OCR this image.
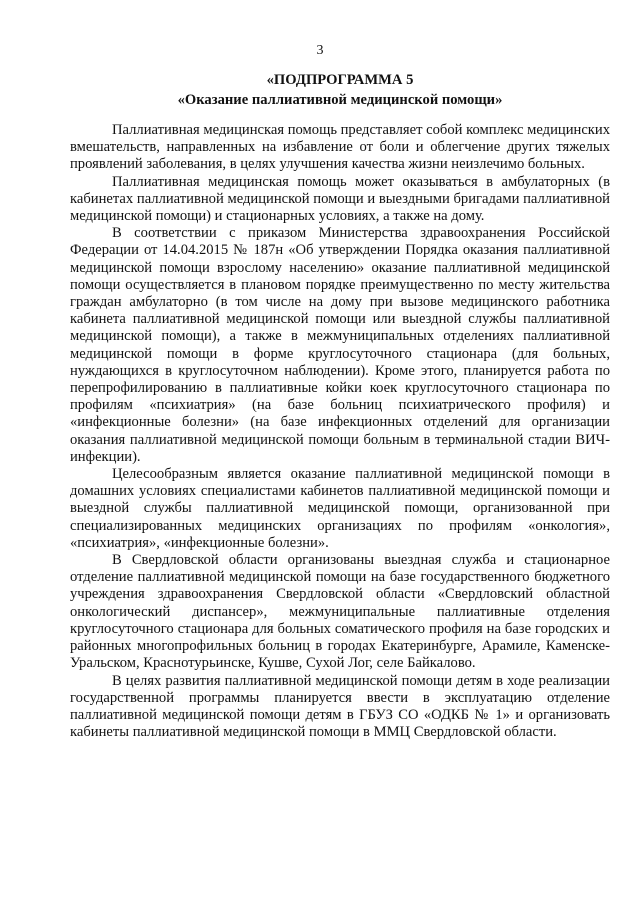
3
«ПОДПРОГРАММА 5
«Оказание паллиативной медицинской помощи»

Паллиативная медицинская помощь представляет собой комплекс медицинских вмешательств, направленных на избавление от боли и облегчение других тяжелых проявлений заболевания, в целях улучшения качества жизни неизлечимо больных.

Паллиативная медицинская помощь может оказываться в амбулаторных (в кабинетах паллиативной медицинской помощи и выездными бригадами паллиативной медицинской помощи) и стационарных условиях, а также на дому.

В соответствии с приказом Министерства здравоохранения Российской Федерации от 14.04.2015 № 187н «Об утверждении Порядка оказания паллиативной медицинской помощи взрослому населению» оказание паллиативной медицинской помощи осуществляется в плановом порядке преимущественно по месту жительства граждан амбулаторно (в том числе на дому при вызове медицинского работника кабинета паллиативной медицинской помощи или выездной службы паллиативной медицинской помощи), а также в межмуниципальных отделениях паллиативной медицинской помощи в форме круглосуточного стационара (для больных, нуждающихся в круглосуточном наблюдении). Кроме этого, планируется работа по перепрофилированию в паллиативные койки коек круглосуточного стационара по профилям «психиатрия» (на базе больниц психиатрического профиля) и «инфекционные болезни» (на базе инфекционных отделений для организации оказания паллиативной медицинской помощи больным в терминальной стадии ВИЧ-инфекции).

Целесообразным является оказание паллиативной медицинской помощи в домашних условиях специалистами кабинетов паллиативной медицинской помощи и выездной службы паллиативной медицинской помощи, организованной при специализированных медицинских организациях по профилям «онкология», «психиатрия», «инфекционные болезни».

В Свердловской области организованы выездная служба и стационарное отделение паллиативной медицинской помощи на базе государственного бюджетного учреждения здравоохранения Свердловской области «Свердловский областной онкологический диспансер», межмуниципальные паллиативные отделения круглосуточного стационара для больных соматического профиля на базе городских и районных многопрофильных больниц в городах Екатеринбурге, Арамиле, Каменске-Уральском, Краснотурьинске, Кушве, Сухой Лог, селе Байкалово.

В целях развития паллиативной медицинской помощи детям в ходе реализации государственной программы планируется ввести в эксплуатацию отделение паллиативной медицинской помощи детям в ГБУЗ СО «ОДКБ № 1» и организовать кабинеты паллиативной медицинской помощи в ММЦ Свердловской области.
